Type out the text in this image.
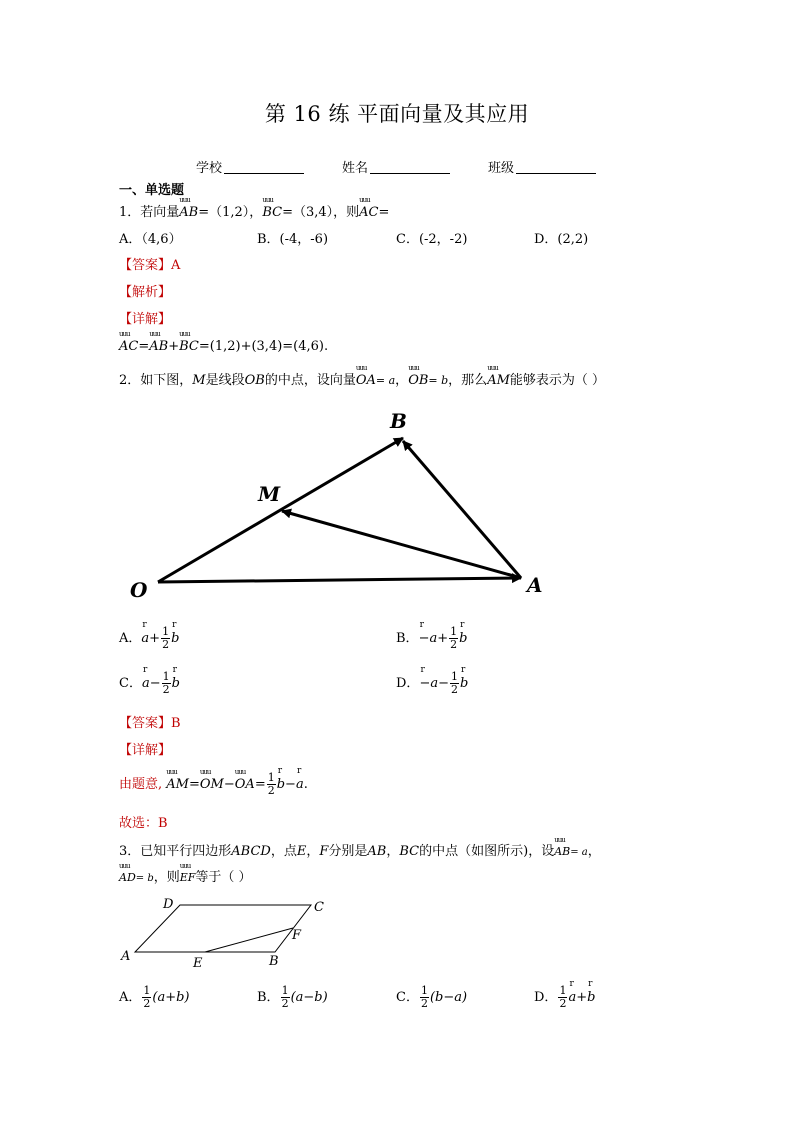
第 16 练 平面向量及其应用
学校	姓名	班级
一、单选题
1．若向量uuu AB=（1,2），uuu BC=（3,4），则uuu AC=
A．（4,6）	B．(-4，-6)	C．(-2，-2)	D．(2,2)
【答案】A
【解析】
【详解】
uuu AC=uuu AB+uuu BC=(1,2)+(3,4)=(4,6).
2．如下图，M是线段OB的中点，设向量uuu OA= a，uuu OB= b，那么uuu AM能够表示为（ ）
O	A
B
M
A．r $a+ \frac{1}{2}$ r b	B．$r -a+ \frac{1}{2}$ r b
C．r $a- \frac{1}{2}$ r b	D．$r -a- \frac{1}{2}$ r b
【答案】B
【详解】
由题意, uuu AM=uuu OM−uuu $OA= \frac{1}{2}$ r b−r a.
故选：B
3．已知平行四边形ABCD，点E，F分别是AB，BC的中点（如图所示)，设uuu AB= a，
uuu AD= b，则uuu EF等于（ ）
A	B
C
D
E
F
A． $\frac{1}{2} (a+b)$	B． $\frac{1}{2} (a-b)$	C． $\frac{1}{2} (b-a)$	D． $\frac{1}{2}$ r a+r b
